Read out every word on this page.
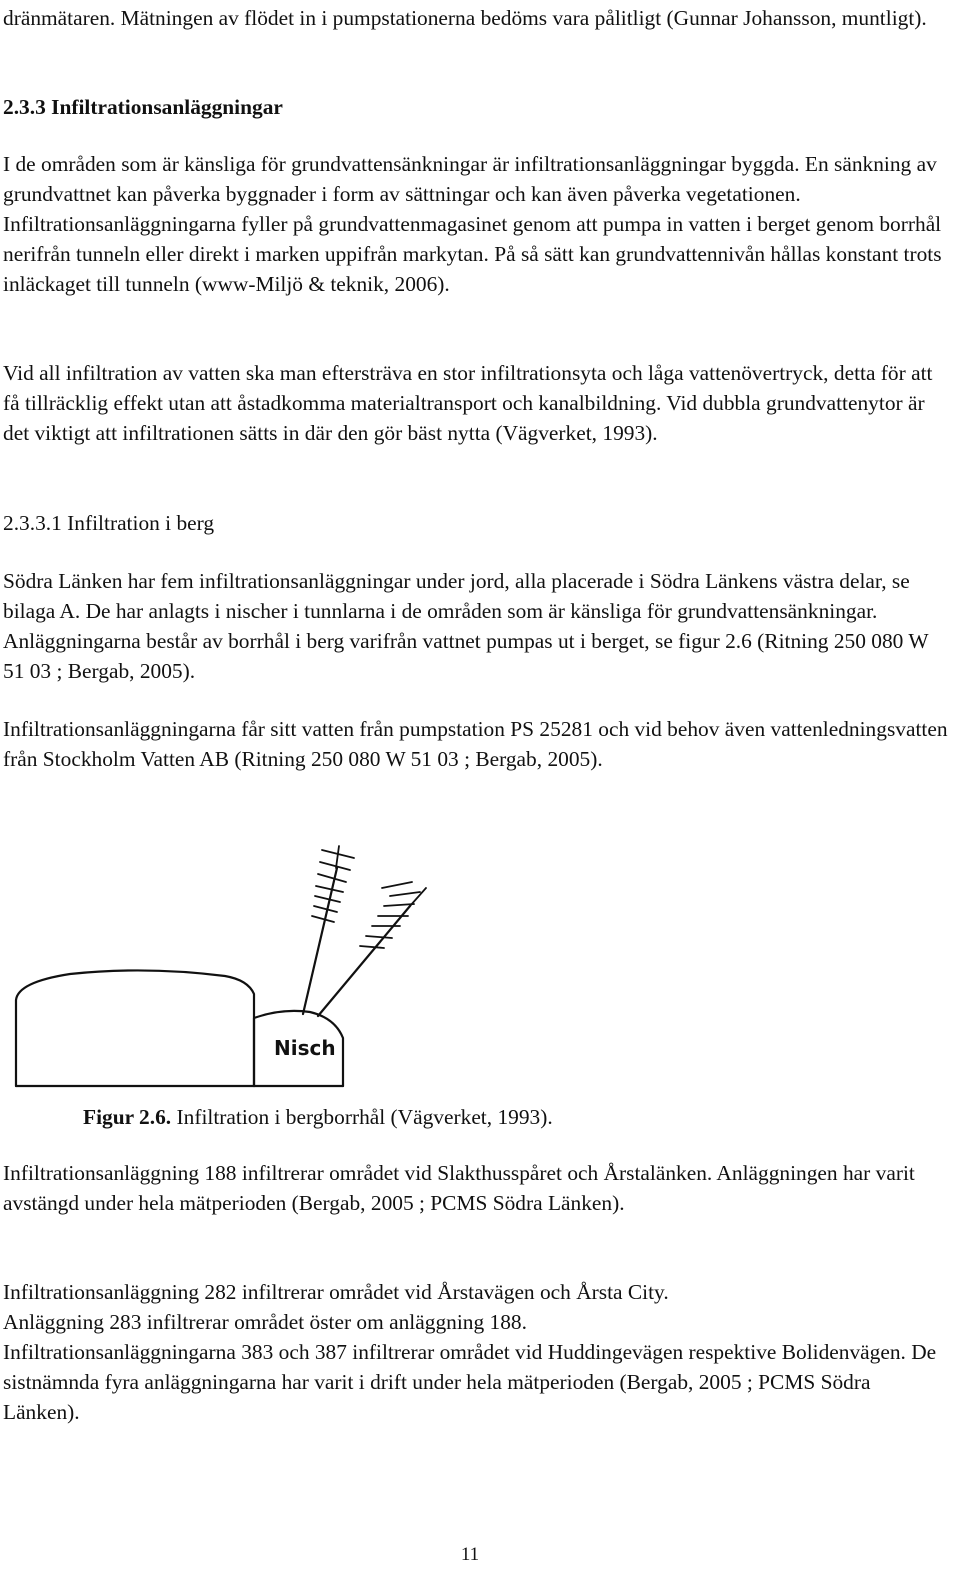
dränmätaren. Mätningen av flödet in i pumpstationerna bedöms vara pålitligt (Gunnar Johansson, muntligt).

2.3.3 Infiltrationsanläggningar

I de områden som är känsliga för grundvattensänkningar är infiltrationsanläggningar byggda. En sänkning av grundvattnet kan påverka byggnader i form av sättningar och kan även påverka vegetationen. Infiltrationsanläggningarna fyller på grundvattenmagasinet genom att pumpa in vatten i berget genom borrhål nerifrån tunneln eller direkt i marken uppifrån markytan. På så sätt kan grundvattennivån hållas konstant trots inläckaget till tunneln (www-Miljö & teknik, 2006).

Vid all infiltration av vatten ska man eftersträva en stor infiltrationsyta och låga vattenövertryck, detta för att få tillräcklig effekt utan att åstadkomma materialtransport och kanalbildning. Vid dubbla grundvattenytor är det viktigt att infiltrationen sätts in där den gör bäst nytta (Vägverket, 1993).

2.3.3.1 Infiltration i berg

Södra Länken har fem infiltrationsanläggningar under jord, alla placerade i Södra Länkens västra delar, se bilaga A. De har anlagts i nischer i tunnlarna i de områden som är känsliga för grundvattensänkningar. Anläggningarna består av borrhål i berg varifrån vattnet pumpas ut i berget, se figur 2.6 (Ritning 250 080 W 51 03 ; Bergab, 2005).

Infiltrationsanläggningarna får sitt vatten från pumpstation PS 25281 och vid behov även vattenledningsvatten från Stockholm Vatten AB (Ritning 250 080 W 51 03 ; Bergab, 2005).

Nisch

Figur 2.6. Infiltration i bergborrhål (Vägverket, 1993).

Infiltrationsanläggning 188 infiltrerar området vid Slakthusspåret och Årstalänken. Anläggningen har varit avstängd under hela mätperioden (Bergab, 2005 ; PCMS Södra Länken).

Infiltrationsanläggning 282 infiltrerar området vid Årstavägen och Årsta City.

Anläggning 283 infiltrerar området öster om anläggning 188.

Infiltrationsanläggningarna 383 och 387 infiltrerar området vid Huddingevägen respektive Bolidenvägen. De sistnämnda fyra anläggningarna har varit i drift under hela mätperioden (Bergab, 2005 ; PCMS Södra Länken).

11
